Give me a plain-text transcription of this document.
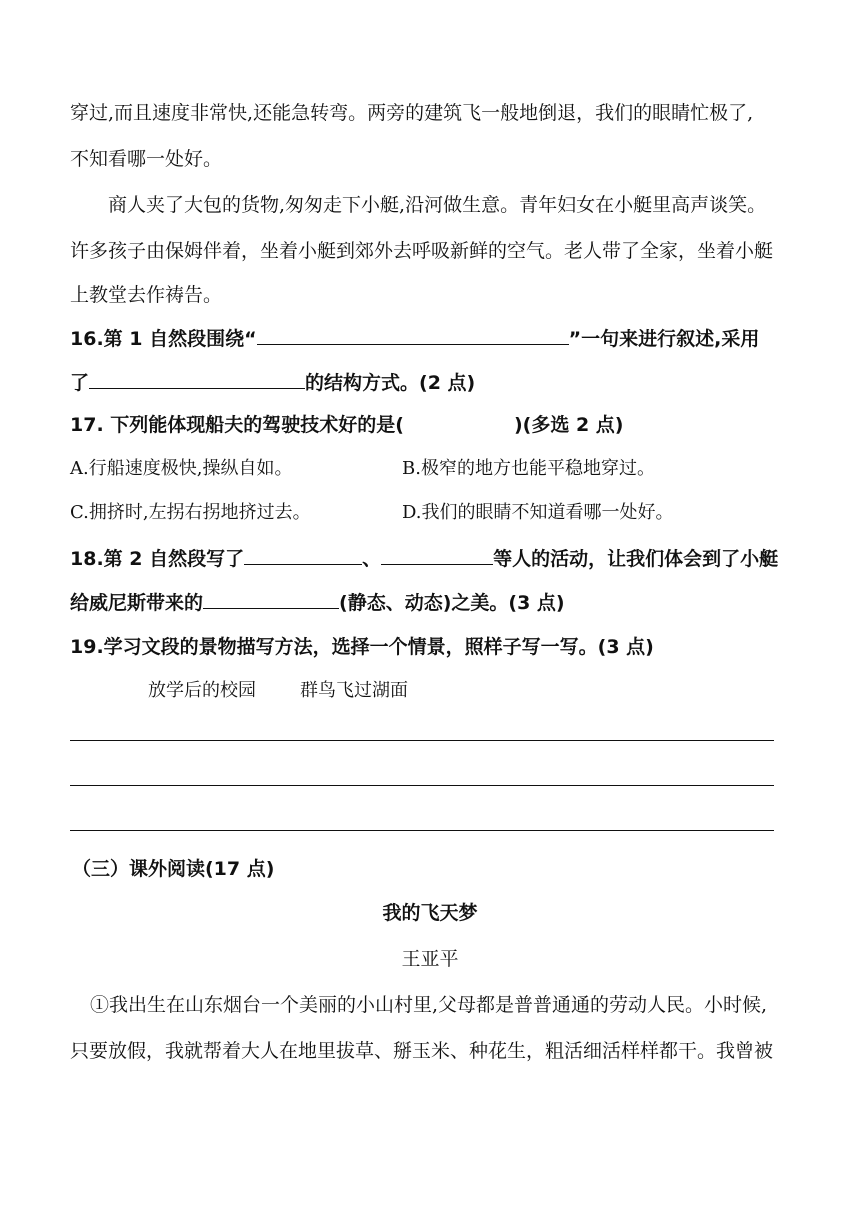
穿过,而且速度非常快,还能急转弯。两旁的建筑飞一般地倒退，我们的眼睛忙极了,
不知看哪一处好。
商人夹了大包的货物,匆匆走下小艇,沿河做生意。青年妇女在小艇里高声谈笑。
许多孩子由保姆伴着，坐着小艇到郊外去呼吸新鲜的空气。老人带了全家，坐着小艇
上教堂去作祷告。
16.第 1 自然段围绕“	”一句来进行叙述,采用
了	的结构方式。(2 点)
17. 下列能体现船夫的驾驶技术好的是(	)(多选 2 点)
A.行船速度极快,操纵自如。	B.极窄的地方也能平稳地穿过。
C.拥挤时,左拐右拐地挤过去。	D.我们的眼睛不知道看哪一处好。
18.第 2 自然段写了	、	等人的活动，让我们体会到了小艇
给威尼斯带来的	(静态、动态)之美。(3 点)
19.学习文段的景物描写方法，选择一个情景，照样子写一写。(3 点)
放学后的校园 群鸟飞过湖面
（三）课外阅读(17 点)
我的飞天梦
王亚平
①我出生在山东烟台一个美丽的小山村里,父母都是普普通通的劳动人民。小时候,
只要放假，我就帮着大人在地里拔草、掰玉米、种花生，粗活细活样样都干。我曾被
